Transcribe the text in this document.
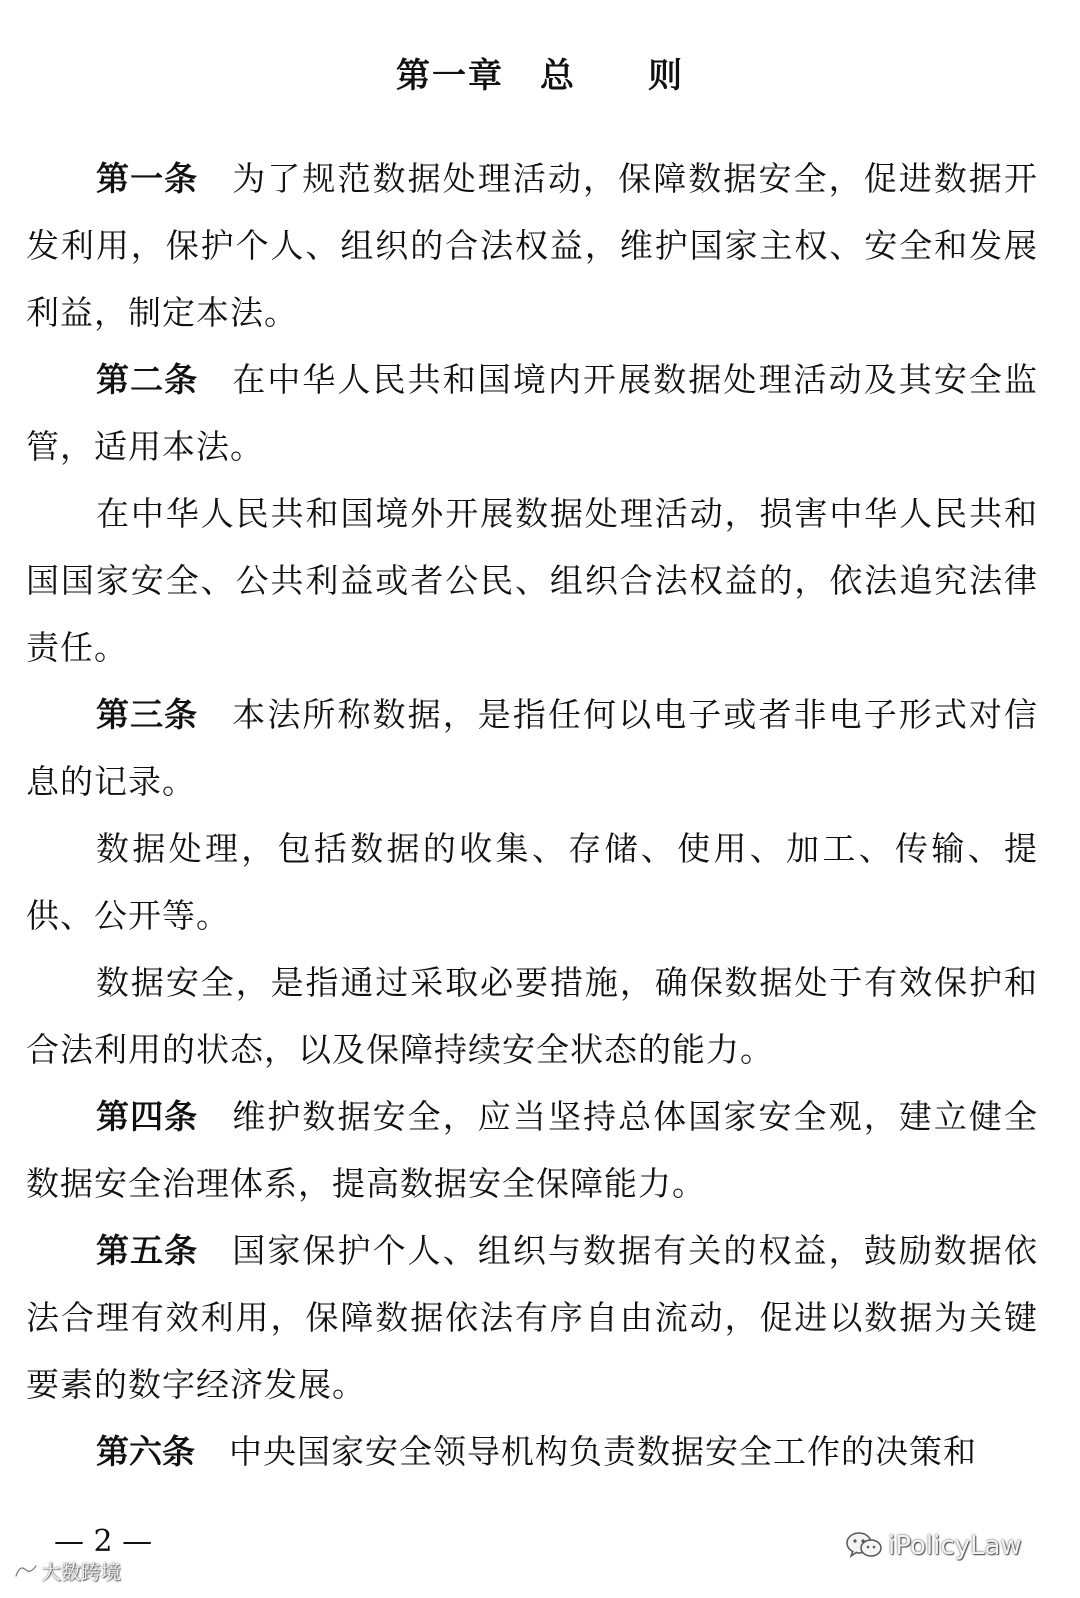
第一章　总　　则

第一条 为了规范数据处理活动，保障数据安全，促进数据开发利用，保护个人、组织的合法权益，维护国家主权、安全和发展利益，制定本法。

第二条 在中华人民共和国境内开展数据处理活动及其安全监管，适用本法。

在中华人民共和国境外开展数据处理活动，损害中华人民共和国国家安全、公共利益或者公民、组织合法权益的，依法追究法律责任。

第三条 本法所称数据，是指任何以电子或者非电子形式对信息的记录。

数据处理，包括数据的收集、存储、使用、加工、传输、提供、公开等。

数据安全，是指通过采取必要措施，确保数据处于有效保护和合法利用的状态，以及保障持续安全状态的能力。

第四条 维护数据安全，应当坚持总体国家安全观，建立健全数据安全治理体系，提高数据安全保障能力。

第五条 国家保护个人、组织与数据有关的权益，鼓励数据依法合理有效利用，保障数据依法有序自由流动，促进以数据为关键要素的数字经济发展。

第六条 中央国家安全领导机构负责数据安全工作的决策和

— 2 —
大数跨境
iPolicyLaw
